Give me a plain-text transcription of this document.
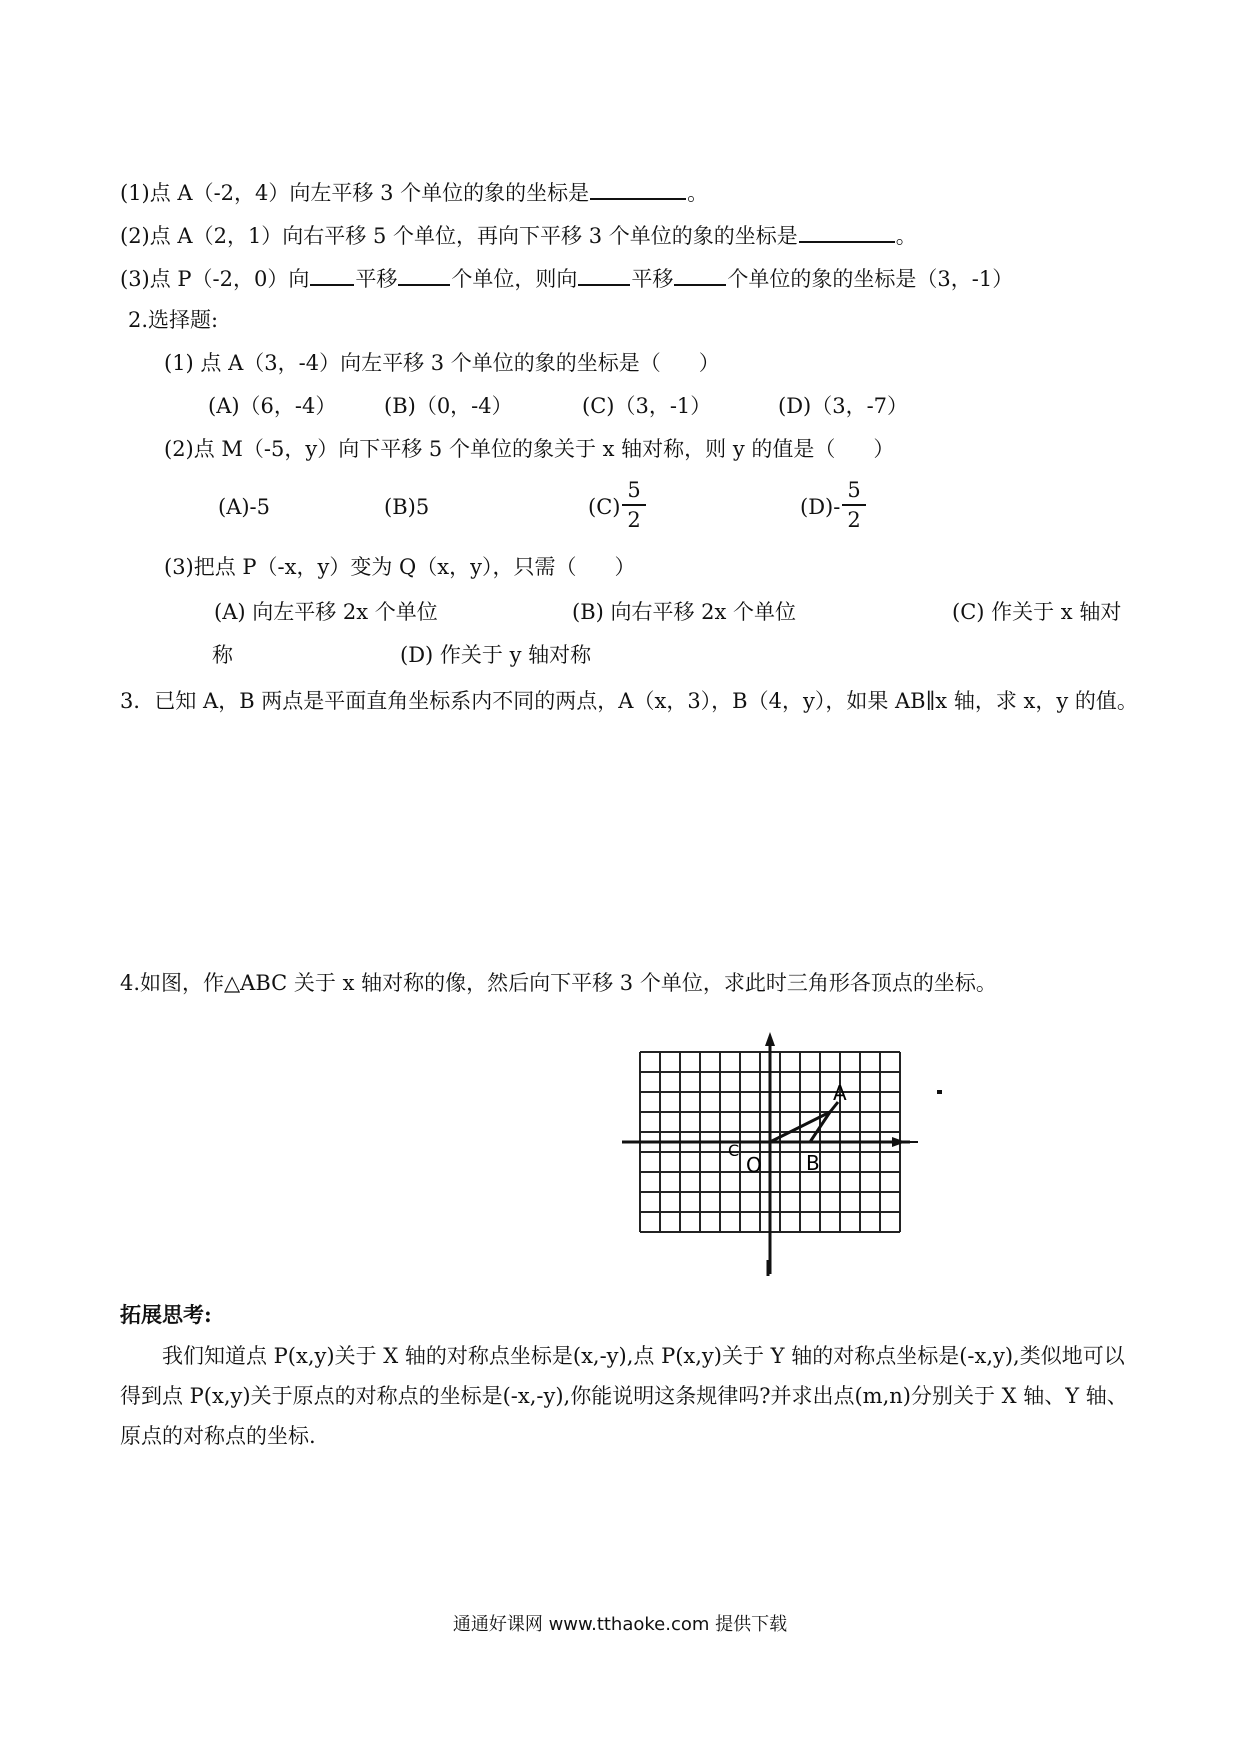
(1)点 A（-2，4）向左平移 3 个单位的象的坐标是	。
(2)点 A（2，1）向右平移 5 个单位，再向下平移 3 个单位的象的坐标是	。
(3)点 P（-2，0）向 平移	个单位，则向	平移	个单位的象的坐标是（3，-1）
2.选择题:
(1) 点 A（3，-4）向左平移 3 个单位的象的坐标是（ ）
(A)（6，-4） (B)（0，-4）	(C)（3，-1）	(D)（3，-7）
(2)点 M（-5，y）向下平移 5 个单位的象关于 x 轴对称，则 y 的值是（ ）
(A)-5	(B)5	(C)
5
2
(D)-
5
2
(3)把点 P（-x，y）变为 Q（x，y），只需（ ）
(A) 向左平移 2x 个单位	(B) 向右平移 2x 个单位	(C) 作关于 x 轴对
称	(D) 作关于 y 轴对称
3．已知 A，B 两点是平面直角坐标系内不同的两点，A（x，3），B（4，y），如果 AB∥x 轴，求 x，y 的值。
4.如图，作△ABC 关于 x 轴对称的像，然后向下平移 3 个单位，求此时三角形各顶点的坐标。
A
B
C
O
拓展思考:
我们知道点 P(x,y)关于 X 轴的对称点坐标是(x,-y),点 P(x,y)关于 Y 轴的对称点坐标是(-x,y),类似地可以得到点 P(x,y)关于原点的对称点的坐标是(-x,-y),你能说明这条规律吗?并求出点(m,n)分别关于 X 轴、Y 轴、原点的对称点的坐标.
通通好课网 www.tthaoke.com 提供下载
